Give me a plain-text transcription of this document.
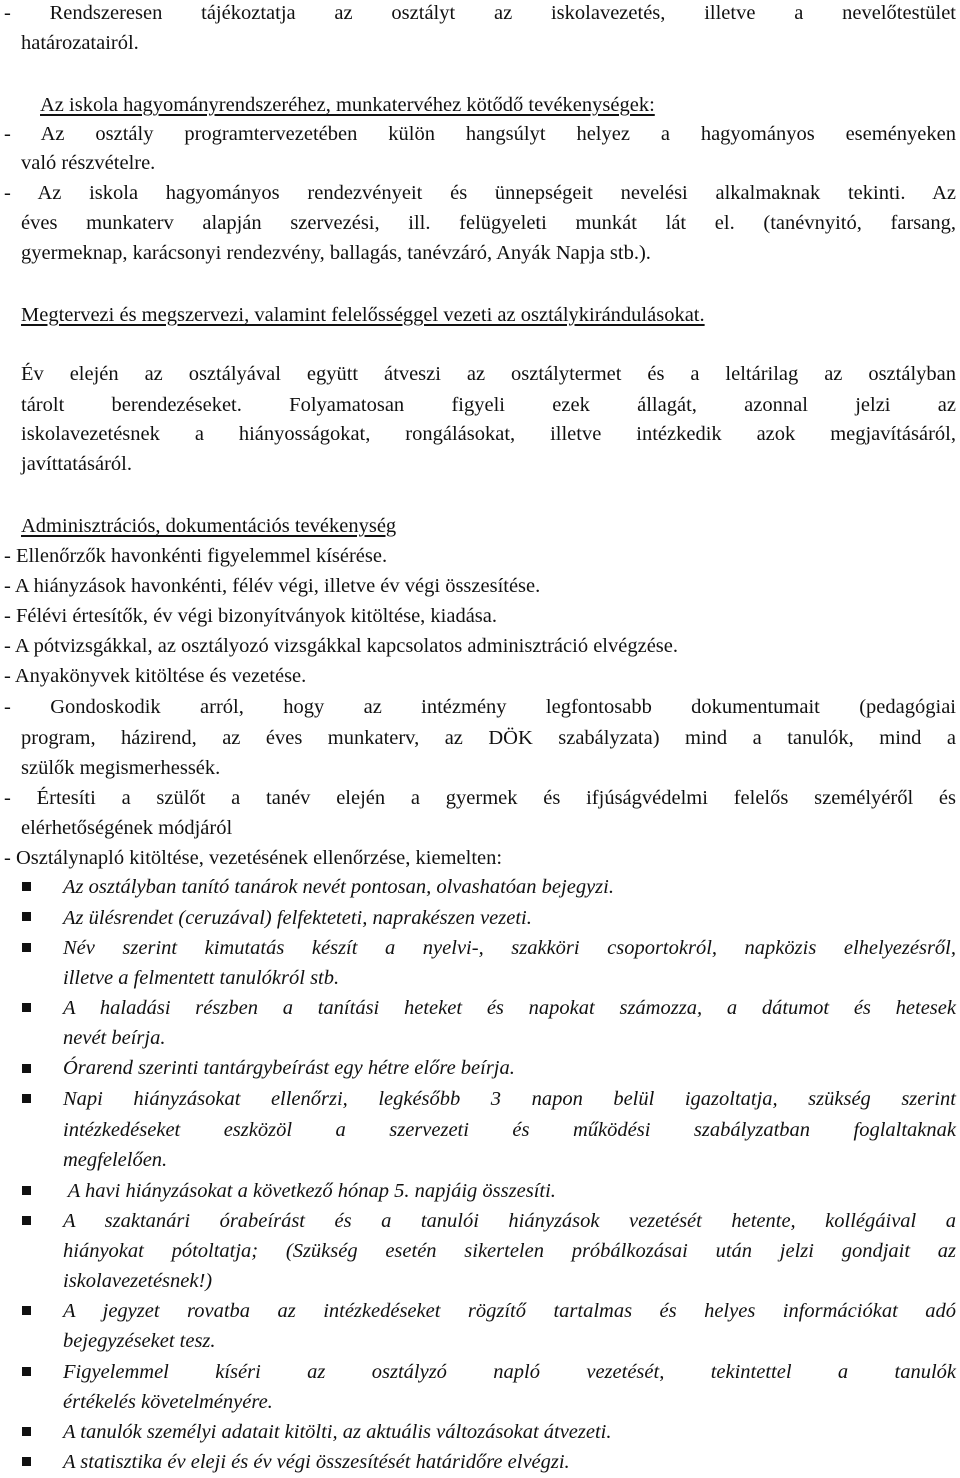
- Rendszeresen tájékoztatja az osztályt az iskolavezetés, illetve a nevelőtestület

határozatairól.

Az iskola hagyományrendszeréhez, munkatervéhez kötődő tevékenységek:

- Az osztály programtervezetében külön hangsúlyt helyez a hagyományos eseményeken

való részvételre.

- Az iskola hagyományos rendezvényeit és ünnepségeit nevelési alkalmaknak tekinti. Az

éves munkaterv alapján szervezési, ill. felügyeleti munkát lát el. (tanévnyitó, farsang,

gyermeknap, karácsonyi rendezvény, ballagás, tanévzáró, Anyák Napja stb.).

Megtervezi és megszervezi, valamint felelősséggel vezeti az osztálykirándulásokat.

Év elején az osztályával együtt átveszi az osztálytermet és a leltárilag az osztályban

tárolt berendezéseket. Folyamatosan figyeli ezek állagát, azonnal jelzi az

iskolavezetésnek a hiányosságokat, rongálásokat, illetve intézkedik azok megjavításáról,

javíttatásáról.

Adminisztrációs, dokumentációs tevékenység

- Ellenőrzők havonkénti figyelemmel kísérése.

- A hiányzások havonkénti, félév végi, illetve év végi összesítése.

- Félévi értesítők, év végi bizonyítványok kitöltése, kiadása.

- A pótvizsgákkal, az osztályozó vizsgákkal kapcsolatos adminisztráció elvégzése.

- Anyakönyvek kitöltése és vezetése.

- Gondoskodik arról, hogy az intézmény legfontosabb dokumentumait (pedagógiai

program, házirend, az éves munkaterv, az DÖK szabályzata) mind a tanulók, mind a

szülők megismerhessék.

- Értesíti a szülőt a tanév elején a gyermek és ifjúságvédelmi felelős személyéről és

elérhetőségének módjáról

- Osztálynapló kitöltése, vezetésének ellenőrzése, kiemelten:

Az osztályban tanító tanárok nevét pontosan, olvashatóan bejegyzi.

Az ülésrendet (ceruzával) felfekteteti, naprakészen vezeti.

Név szerint kimutatás készít a nyelvi-, szakköri csoportokról, napközis elhelyezésről,

illetve a felmentett tanulókról stb.

A haladási részben a tanítási heteket és napokat számozza, a dátumot és hetesek

nevét beírja.

Órarend szerinti tantárgybeírást egy hétre előre beírja.

Napi hiányzásokat ellenőrzi, legkésőbb 3 napon belül igazoltatja, szükség szerint

intézkedéseket eszközöl a szervezeti és működési szabályzatban foglaltaknak

megfelelően.

A havi hiányzásokat a következő hónap 5. napjáig összesíti.

A szaktanári órabeírást és a tanulói hiányzások vezetését hetente, kollégáival a

hiányokat pótoltatja; (Szükség esetén sikertelen próbálkozásai után jelzi gondjait az

iskolavezetésnek!)

A jegyzet rovatba az intézkedéseket rögzítő tartalmas és helyes információkat adó

bejegyzéseket tesz.

Figyelemmel kíséri az osztályzó napló vezetését, tekintettel a tanulók

értékelés követelményére.

A tanulók személyi adatait kitölti, az aktuális változásokat átvezeti.

A statisztika év eleji és év végi összesítését határidőre elvégzi.
